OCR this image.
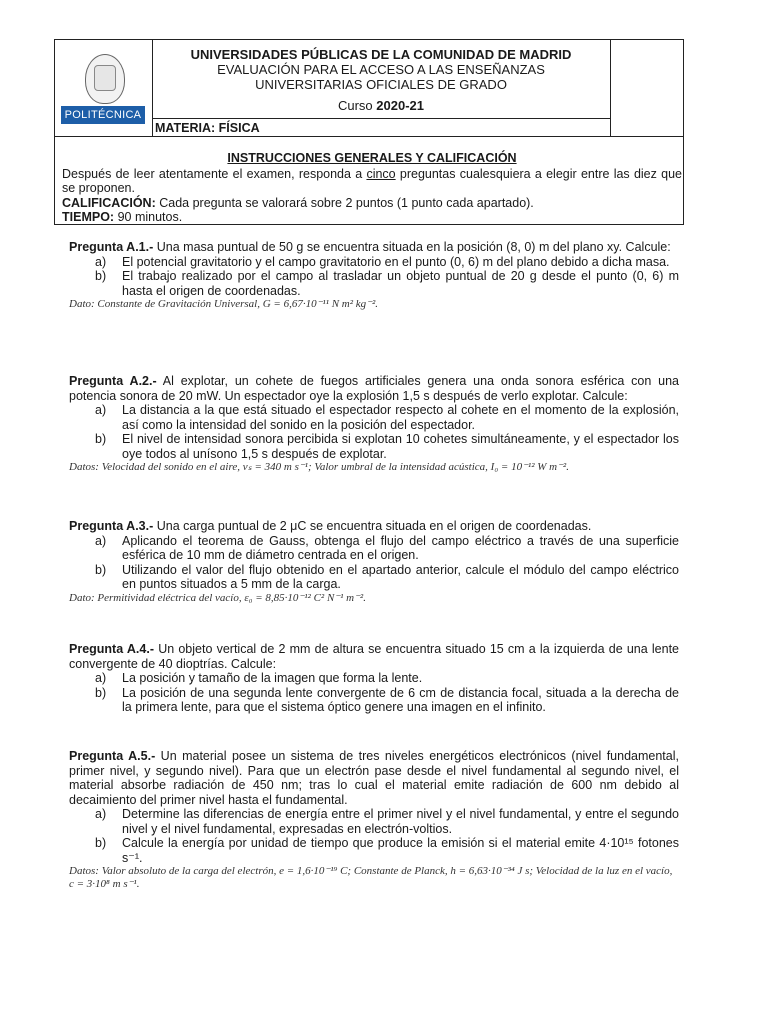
POLITÉCNICA
UNIVERSIDADES PÚBLICAS DE LA COMUNIDAD DE MADRID
EVALUACIÓN PARA EL ACCESO A LAS ENSEÑANZAS
UNIVERSITARIAS OFICIALES DE GRADO
Curso 2020-21
MATERIA: FÍSICA
INSTRUCCIONES GENERALES Y CALIFICACIÓN
Después de leer atentamente el examen, responda a cinco preguntas cualesquiera a elegir entre las diez que se proponen.
CALIFICACIÓN: Cada pregunta se valorará sobre 2 puntos (1 punto cada apartado).
TIEMPO: 90 minutos.
Pregunta A.1.- Una masa puntual de 50 g se encuentra situada en la posición (8, 0) m del plano xy. Calcule:
a)	El potencial gravitatorio y el campo gravitatorio en el punto (0, 6) m del plano debido a dicha masa.
b)	El trabajo realizado por el campo al trasladar un objeto puntual de 20 g desde el punto (0, 6) m hasta el origen de coordenadas.
Dato: Constante de Gravitación Universal, G = 6,67·10⁻¹¹ N m² kg⁻².
Pregunta A.2.- Al explotar, un cohete de fuegos artificiales genera una onda sonora esférica con una potencia sonora de 20 mW. Un espectador oye la explosión 1,5 s después de verlo explotar. Calcule:
a)	La distancia a la que está situado el espectador respecto al cohete en el momento de la explosión, así como la intensidad del sonido en la posición del espectador.
b)	El nivel de intensidad sonora percibida si explotan 10 cohetes simultáneamente, y el espectador los oye todos al unísono 1,5 s después de explotar.
Datos: Velocidad del sonido en el aire, vₛ = 340 m s⁻¹; Valor umbral de la intensidad acústica, I₀ = 10⁻¹² W m⁻².
Pregunta A.3.- Una carga puntual de 2 μC se encuentra situada en el origen de coordenadas.
a)	Aplicando el teorema de Gauss, obtenga el flujo del campo eléctrico a través de una superficie esférica de 10 mm de diámetro centrada en el origen.
b)	Utilizando el valor del flujo obtenido en el apartado anterior, calcule el módulo del campo eléctrico en puntos situados a 5 mm de la carga.
Dato: Permitividad eléctrica del vacío, ε₀ = 8,85·10⁻¹² C² N⁻¹ m⁻².
Pregunta A.4.- Un objeto vertical de 2 mm de altura se encuentra situado 15 cm a la izquierda de una lente convergente de 40 dioptrías. Calcule:
a)	La posición y tamaño de la imagen que forma la lente.
b)	La posición de una segunda lente convergente de 6 cm de distancia focal, situada a la derecha de la primera lente, para que el sistema óptico genere una imagen en el infinito.
Pregunta A.5.- Un material posee un sistema de tres niveles energéticos electrónicos (nivel fundamental, primer nivel, y segundo nivel). Para que un electrón pase desde el nivel fundamental al segundo nivel, el material absorbe radiación de 450 nm; tras lo cual el material emite radiación de 600 nm debido al decaimiento del primer nivel hasta el fundamental.
a)	Determine las diferencias de energía entre el primer nivel y el nivel fundamental, y entre el segundo nivel y el nivel fundamental, expresadas en electrón-voltios.
b)	Calcule la energía por unidad de tiempo que produce la emisión si el material emite 4·10¹⁵ fotones s⁻¹.
Datos: Valor absoluto de la carga del electrón, e = 1,6·10⁻¹⁹ C; Constante de Planck, h = 6,63·10⁻³⁴ J s; Velocidad de la luz en el vacío, c = 3·10⁸ m s⁻¹.
